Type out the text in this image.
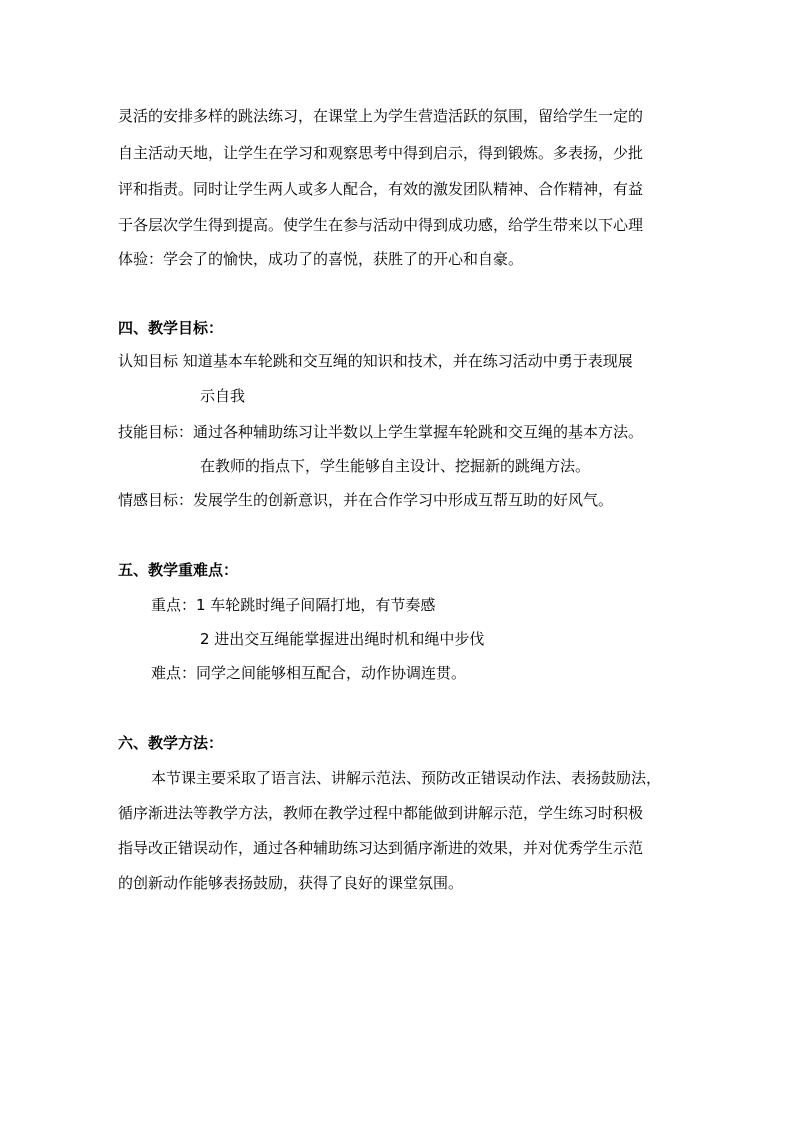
灵活的安排多样的跳法练习，在课堂上为学生营造活跃的氛围，留给学生一定的
自主活动天地，让学生在学习和观察思考中得到启示，得到锻炼。多表扬，少批
评和指责。同时让学生两人或多人配合，有效的激发团队精神、合作精神，有益
于各层次学生得到提高。使学生在参与活动中得到成功感，给学生带来以下心理
体验：学会了的愉快，成功了的喜悦，获胜了的开心和自豪。
四、教学目标：
认知目标 知道基本车轮跳和交互绳的知识和技术，并在练习活动中勇于表现展
示自我
技能目标：通过各种辅助练习让半数以上学生掌握车轮跳和交互绳的基本方法。
在教师的指点下，学生能够自主设计、挖掘新的跳绳方法。
情感目标：发展学生的创新意识，并在合作学习中形成互帮互助的好风气。
五、教学重难点：
重点：1 车轮跳时绳子间隔打地，有节奏感
2 进出交互绳能掌握进出绳时机和绳中步伐
难点：同学之间能够相互配合，动作协调连贯。
六、教学方法：
本节课主要采取了语言法、讲解示范法、预防改正错误动作法、表扬鼓励法，
循序渐进法等教学方法，教师在教学过程中都能做到讲解示范，学生练习时积极
指导改正错误动作，通过各种辅助练习达到循序渐进的效果，并对优秀学生示范
的创新动作能够表扬鼓励，获得了良好的课堂氛围。
